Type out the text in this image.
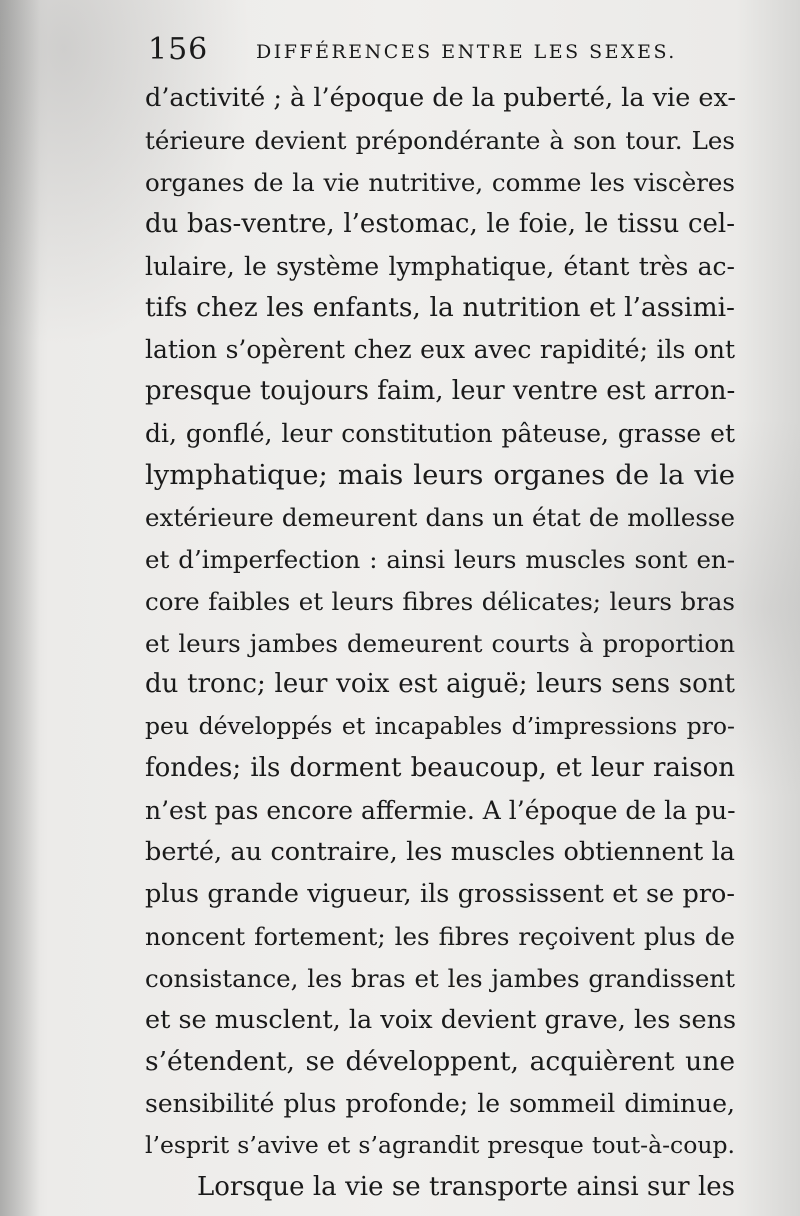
156	DIFFÉRENCES ENTRE LES SEXES.
d’activité ; à l’époque de la puberté, la vie ex-
térieure devient prépondérante à son tour. Les
organes de la vie nutritive, comme les viscères
du bas-ventre, l’estomac, le foie, le tissu cel-
lulaire, le système lymphatique, étant très ac-
tifs chez les enfants, la nutrition et l’assimi-
lation s’opèrent chez eux avec rapidité; ils ont
presque toujours faim, leur ventre est arron-
di, gonflé, leur constitution pâteuse, grasse et
lymphatique; mais leurs organes de la vie
extérieure demeurent dans un état de mollesse
et d’imperfection : ainsi leurs muscles sont en-
core faibles et leurs fibres délicates; leurs bras
et leurs jambes demeurent courts à proportion
du tronc; leur voix est aiguë; leurs sens sont
peu développés et incapables d’impressions pro-
fondes; ils dorment beaucoup, et leur raison
n’est pas encore affermie. A l’époque de la pu-
berté, au contraire, les muscles obtiennent la
plus grande vigueur, ils grossissent et se pro-
noncent fortement; les fibres reçoivent plus de
consistance, les bras et les jambes grandissent
et se musclent, la voix devient grave, les sens
s’étendent, se développent, acquièrent une
sensibilité plus profonde; le sommeil diminue,
l’esprit s’avive et s’agrandit presque tout-à-coup.
Lorsque la vie se transporte ainsi sur les
